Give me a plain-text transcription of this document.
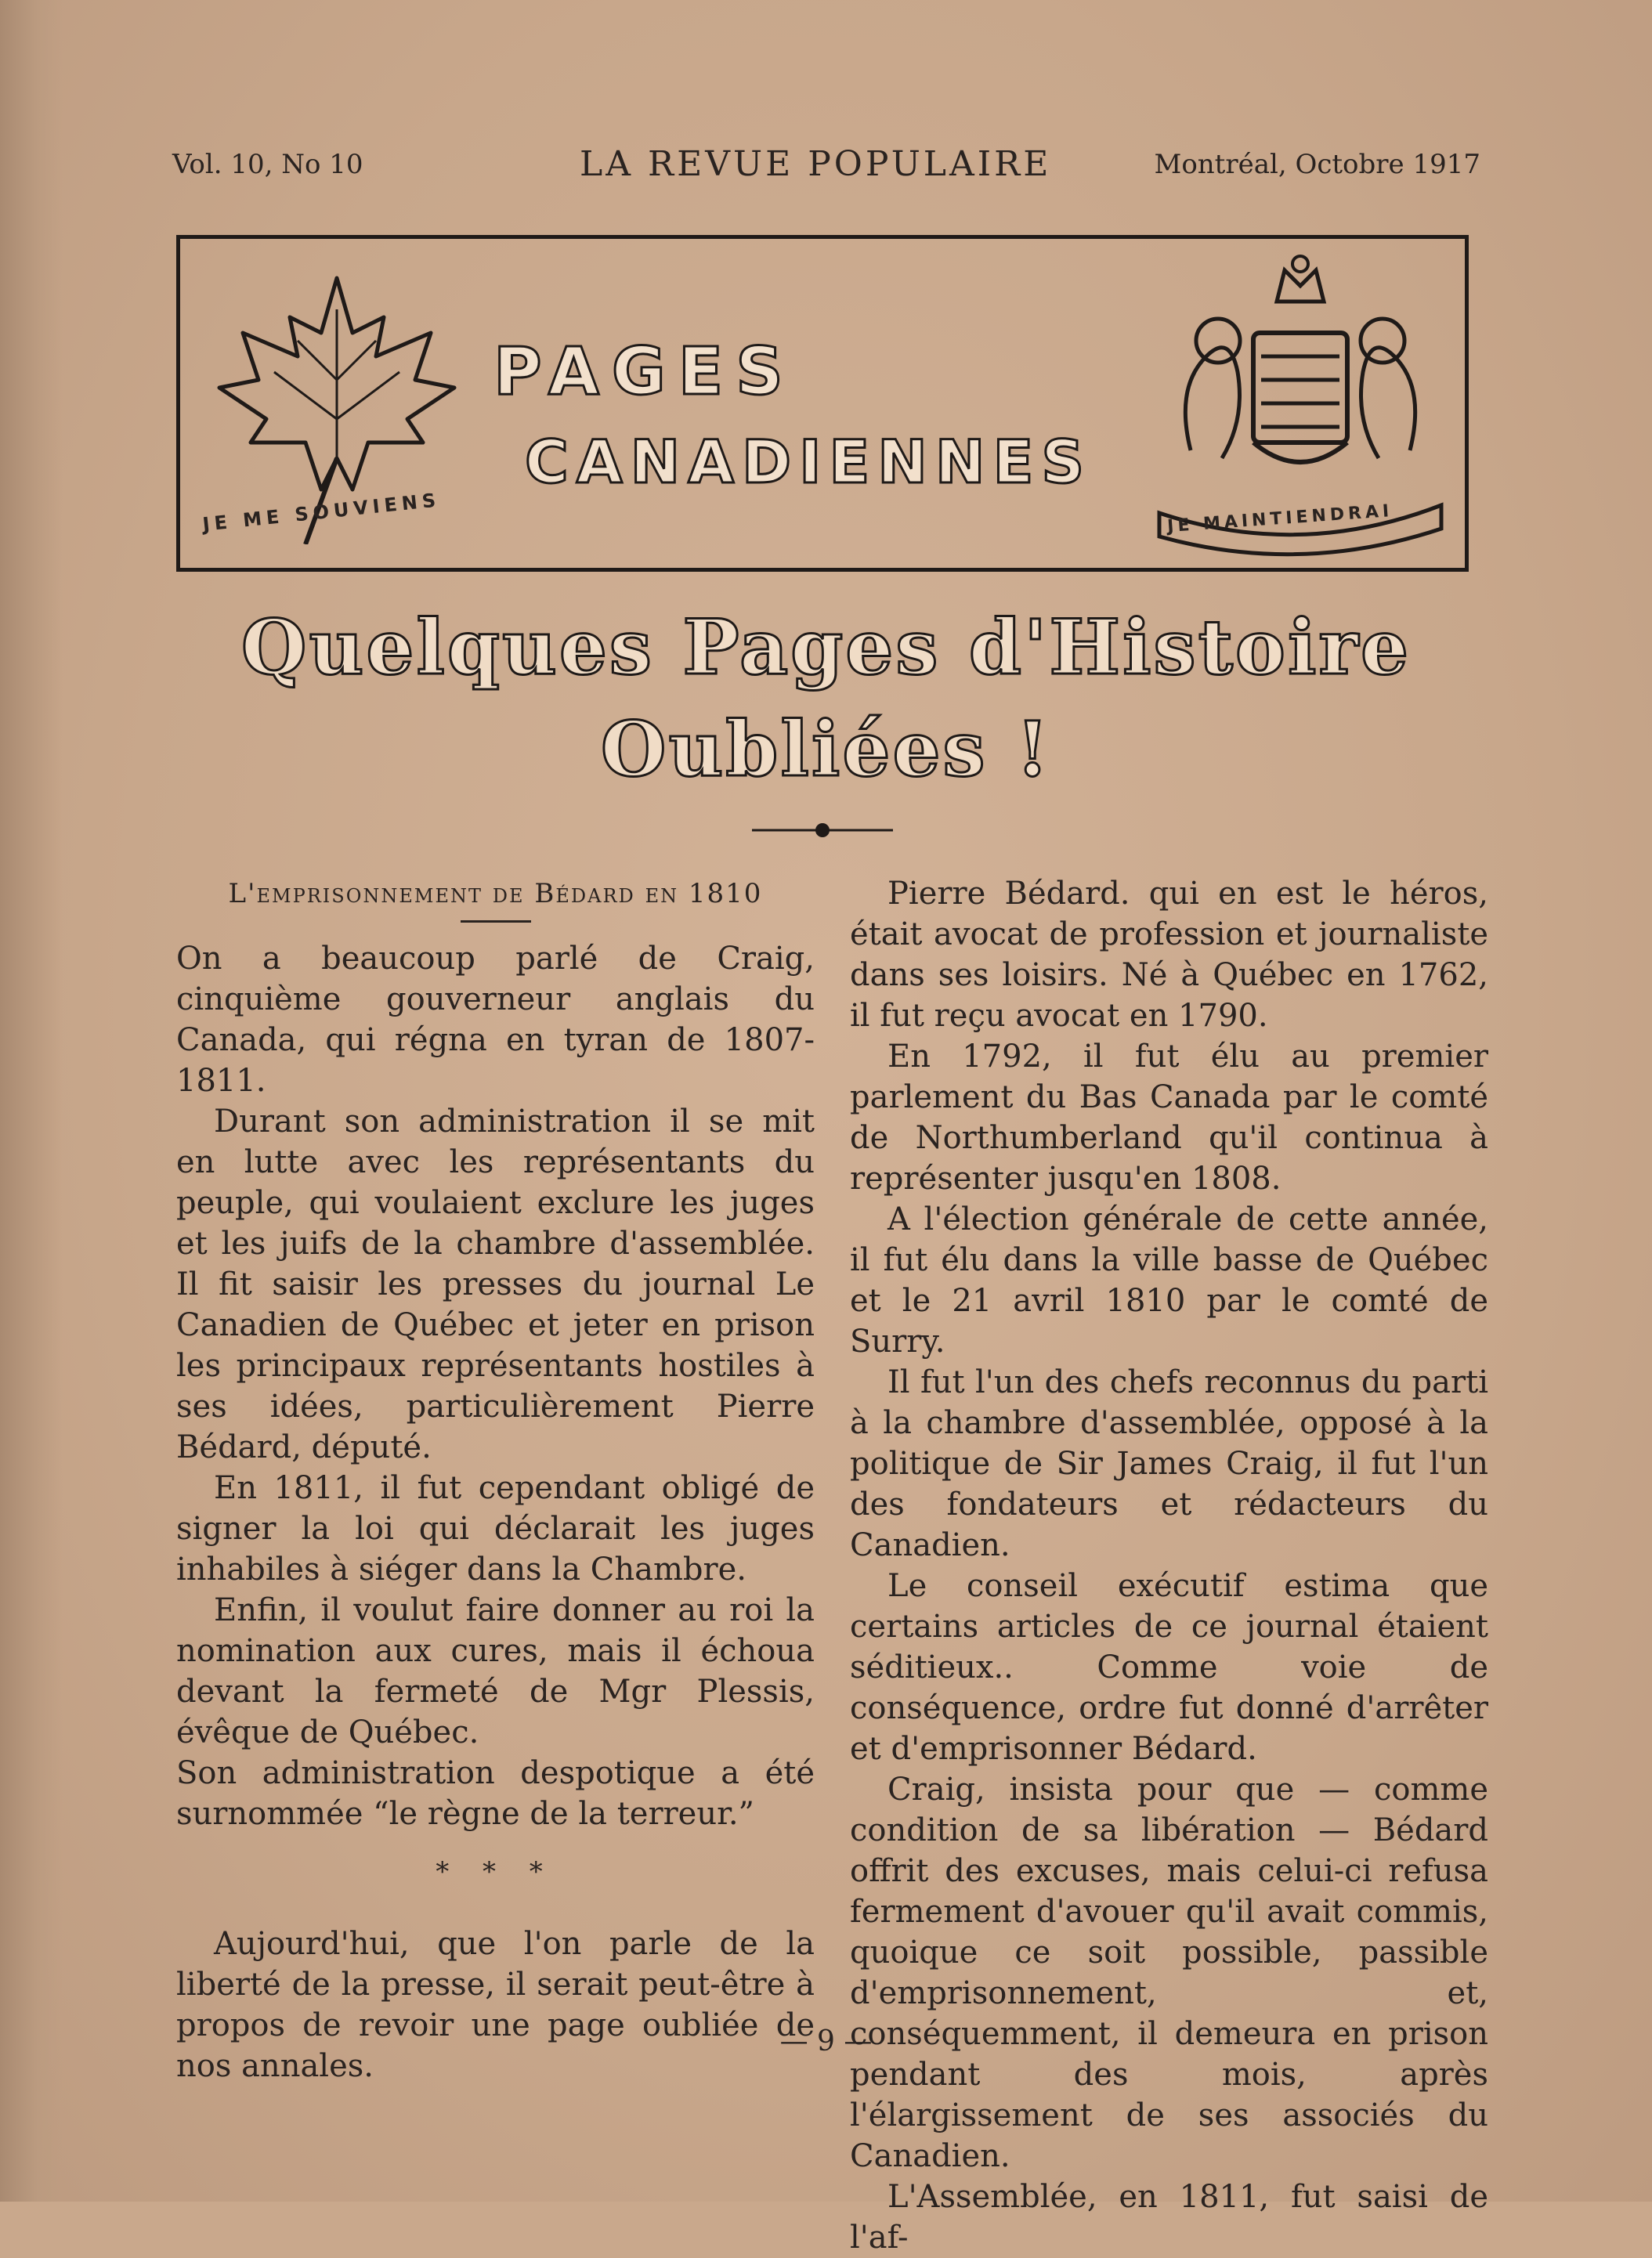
Vol. 10, No 10	LA REVUE POPULAIRE	Montréal, Octobre 1917
JE ME SOUVIENS
PAGES
CANADIENNES
JE MAINTIENDRAI
Quelques Pages d'Histoire
Oubliées !
L'emprisonnement de Bédard en 1810

On a beaucoup parlé de Craig, cinquième gouverneur anglais du Canada, qui régna en tyran de 1807-1811.

Durant son administration il se mit en lutte avec les représentants du peuple, qui voulaient exclure les juges et les juifs de la chambre d'assemblée. Il fit saisir les presses du journal Le Canadien de Québec et jeter en prison les principaux représentants hostiles à ses idées, particulièrement Pierre Bédard, député.

En 1811, il fut cependant obligé de signer la loi qui déclarait les juges inhabiles à siéger dans la Chambre.

Enfin, il voulut faire donner au roi la nomination aux cures, mais il échoua devant la fermeté de Mgr Plessis, évêque de Québec.

Son administration despotique a été surnommée “le règne de la terreur.”

* * *

Aujourd'hui, que l'on parle de la liberté de la presse, il serait peut-être à propos de revoir une page oubliée de nos annales.

Pierre Bédard. qui en est le héros, était avocat de profession et journaliste dans ses loisirs. Né à Québec en 1762, il fut reçu avocat en 1790.

En 1792, il fut élu au premier parlement du Bas Canada par le comté de Northumberland qu'il continua à représenter jusqu'en 1808.

A l'élection générale de cette année, il fut élu dans la ville basse de Québec et le 21 avril 1810 par le comté de Surry.

Il fut l'un des chefs reconnus du parti à la chambre d'assemblée, opposé à la politique de Sir James Craig, il fut l'un des fondateurs et rédacteurs du Canadien.

Le conseil exécutif estima que certains articles de ce journal étaient séditieux.. Comme voie de conséquence, ordre fut donné d'arrêter et d'emprisonner Bédard.

Craig, insista pour que — comme condition de sa libération — Bédard offrit des excuses, mais celui-ci refusa fermement d'avouer qu'il avait commis, quoique ce soit possible, passible d'emprisonnement, et, conséquemment, il demeura en prison pendant des mois, après l'élargissement de ses associés du Canadien.

L'Assemblée, en 1811, fut saisi de l'af-

— 9 —
